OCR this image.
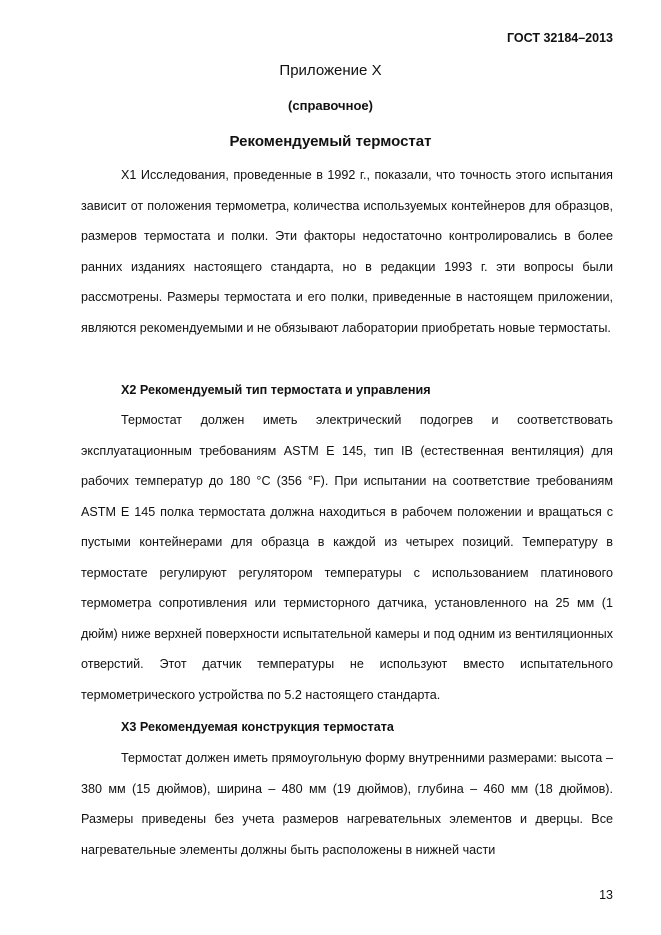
ГОСТ 32184–2013
Приложение X
(справочное)
Рекомендуемый термостат

X1 Исследования, проведенные в 1992 г., показали, что точность этого испытания зависит от положения термометра, количества используемых контейнеров для образцов, размеров термостата и полки. Эти факторы недостаточно контролировались в более ранних изданиях настоящего стандарта, но в редакции 1993 г. эти вопросы были рассмотрены. Размеры термостата и его полки, приведенные в настоящем приложении, являются рекомендуемыми и не обязывают лаборатории приобретать новые термостаты.

X2 Рекомендуемый тип термостата и управления

Термостат должен иметь электрический подогрев и соответствовать эксплуатационным требованиям ASTM E 145, тип IB (естественная вентиляция) для рабочих температур до 180 °C (356 °F). При испытании на соответствие требованиям ASTM E 145 полка термостата должна находиться в рабочем положении и вращаться с пустыми контейнерами для образца в каждой из четырех позиций. Температуру в термостате регулируют регулятором температуры с использованием платинового термометра сопротивления или термисторного датчика, установленного на 25 мм (1 дюйм) ниже верхней поверхности испытательной камеры и под одним из вентиляционных отверстий. Этот датчик температуры не используют вместо испытательного термометрического устройства по 5.2 настоящего стандарта.

X3 Рекомендуемая конструкция термостата

Термостат должен иметь прямоугольную форму внутренними размерами: высота – 380 мм (15 дюймов), ширина – 480 мм (19 дюймов), глубина – 460 мм (18 дюймов). Размеры приведены без учета размеров нагревательных элементов и дверцы. Все нагревательные элементы должны быть расположены в нижней части

13
